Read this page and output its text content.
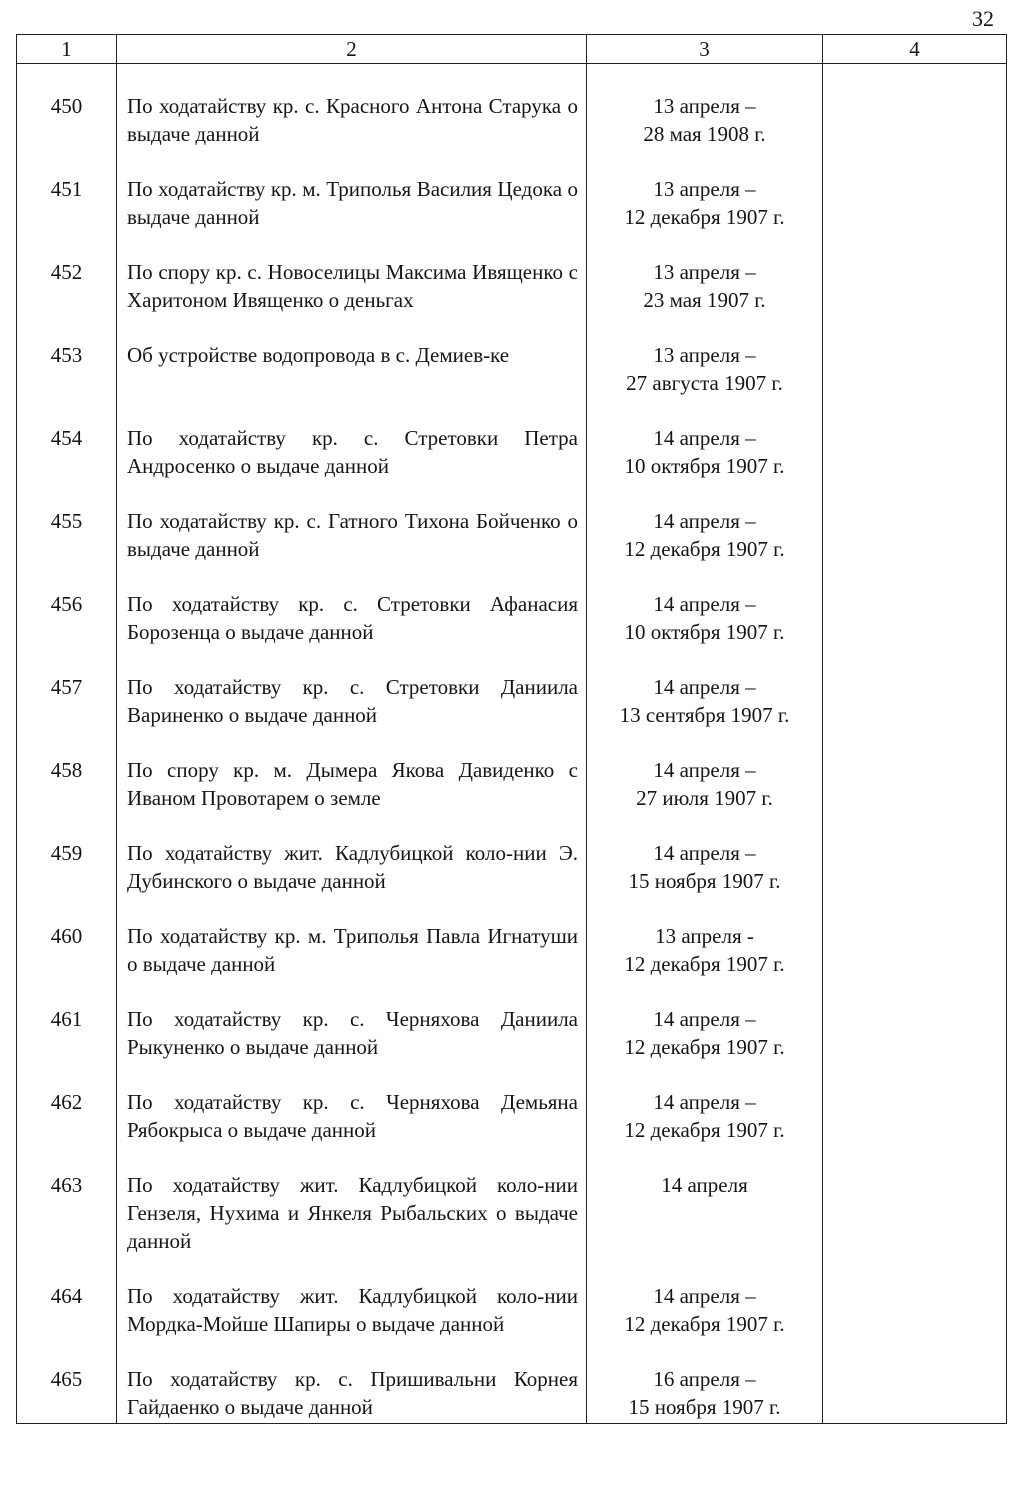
32
1	2	3	4

450	По ходатайству кр. с. Красного Антона Старука о выдаче данной	13 апреля –
28 мая 1908 г.	

451	По ходатайству кр. м. Триполья Василия Цедока о выдаче данной	13 апреля –
12 декабря 1907 г.	

452	По спору кр. с. Новоселицы Максима Ивященко с Харитоном Ивященко о деньгах	13 апреля –
23 мая 1907 г.	

453	Об устройстве водопровода в с. Демиев-ке	13 апреля –
27 августа 1907 г.	

454	По ходатайству кр. с. Стретовки Петра Андросенко о выдаче данной	14 апреля –
10 октября 1907 г.	

455	По ходатайству кр. с. Гатного Тихона Бойченко о выдаче данной	14 апреля –
12 декабря 1907 г.	

456	По ходатайству кр. с. Стретовки Афанасия Борозенца о выдаче данной	14 апреля –
10 октября 1907 г.	

457	По ходатайству кр. с. Стретовки Даниила Вариненко о выдаче данной	14 апреля –
13 сентября 1907 г.	

458	По спору кр. м. Дымера Якова Давиденко с Иваном Провотарем о земле	14 апреля –
27 июля 1907 г.	

459	По ходатайству жит. Кадлубицкой коло-нии Э. Дубинского о выдаче данной	14 апреля –
15 ноября 1907 г.	

460	По ходатайству кр. м. Триполья Павла Игнатуши о выдаче данной	13 апреля -
12 декабря 1907 г.	

461	По ходатайству кр. с. Черняхова Даниила Рыкуненко о выдаче данной	14 апреля –
12 декабря 1907 г.	

462	По ходатайству кр. с. Черняхова Демьяна Рябокрыса о выдаче данной	14 апреля –
12 декабря 1907 г.	

463	По ходатайству жит. Кадлубицкой коло-нии Гензеля, Нухима и Янкеля Рыбальских о выдаче данной	14 апреля	

464	По ходатайству жит. Кадлубицкой коло-нии Мордка-Мойше Шапиры о выдаче данной	14 апреля –
12 декабря 1907 г.	

465	По ходатайству кр. с. Пришивальни Корнея Гайдаенко о выдаче данной	16 апреля –
15 ноября 1907 г.	
